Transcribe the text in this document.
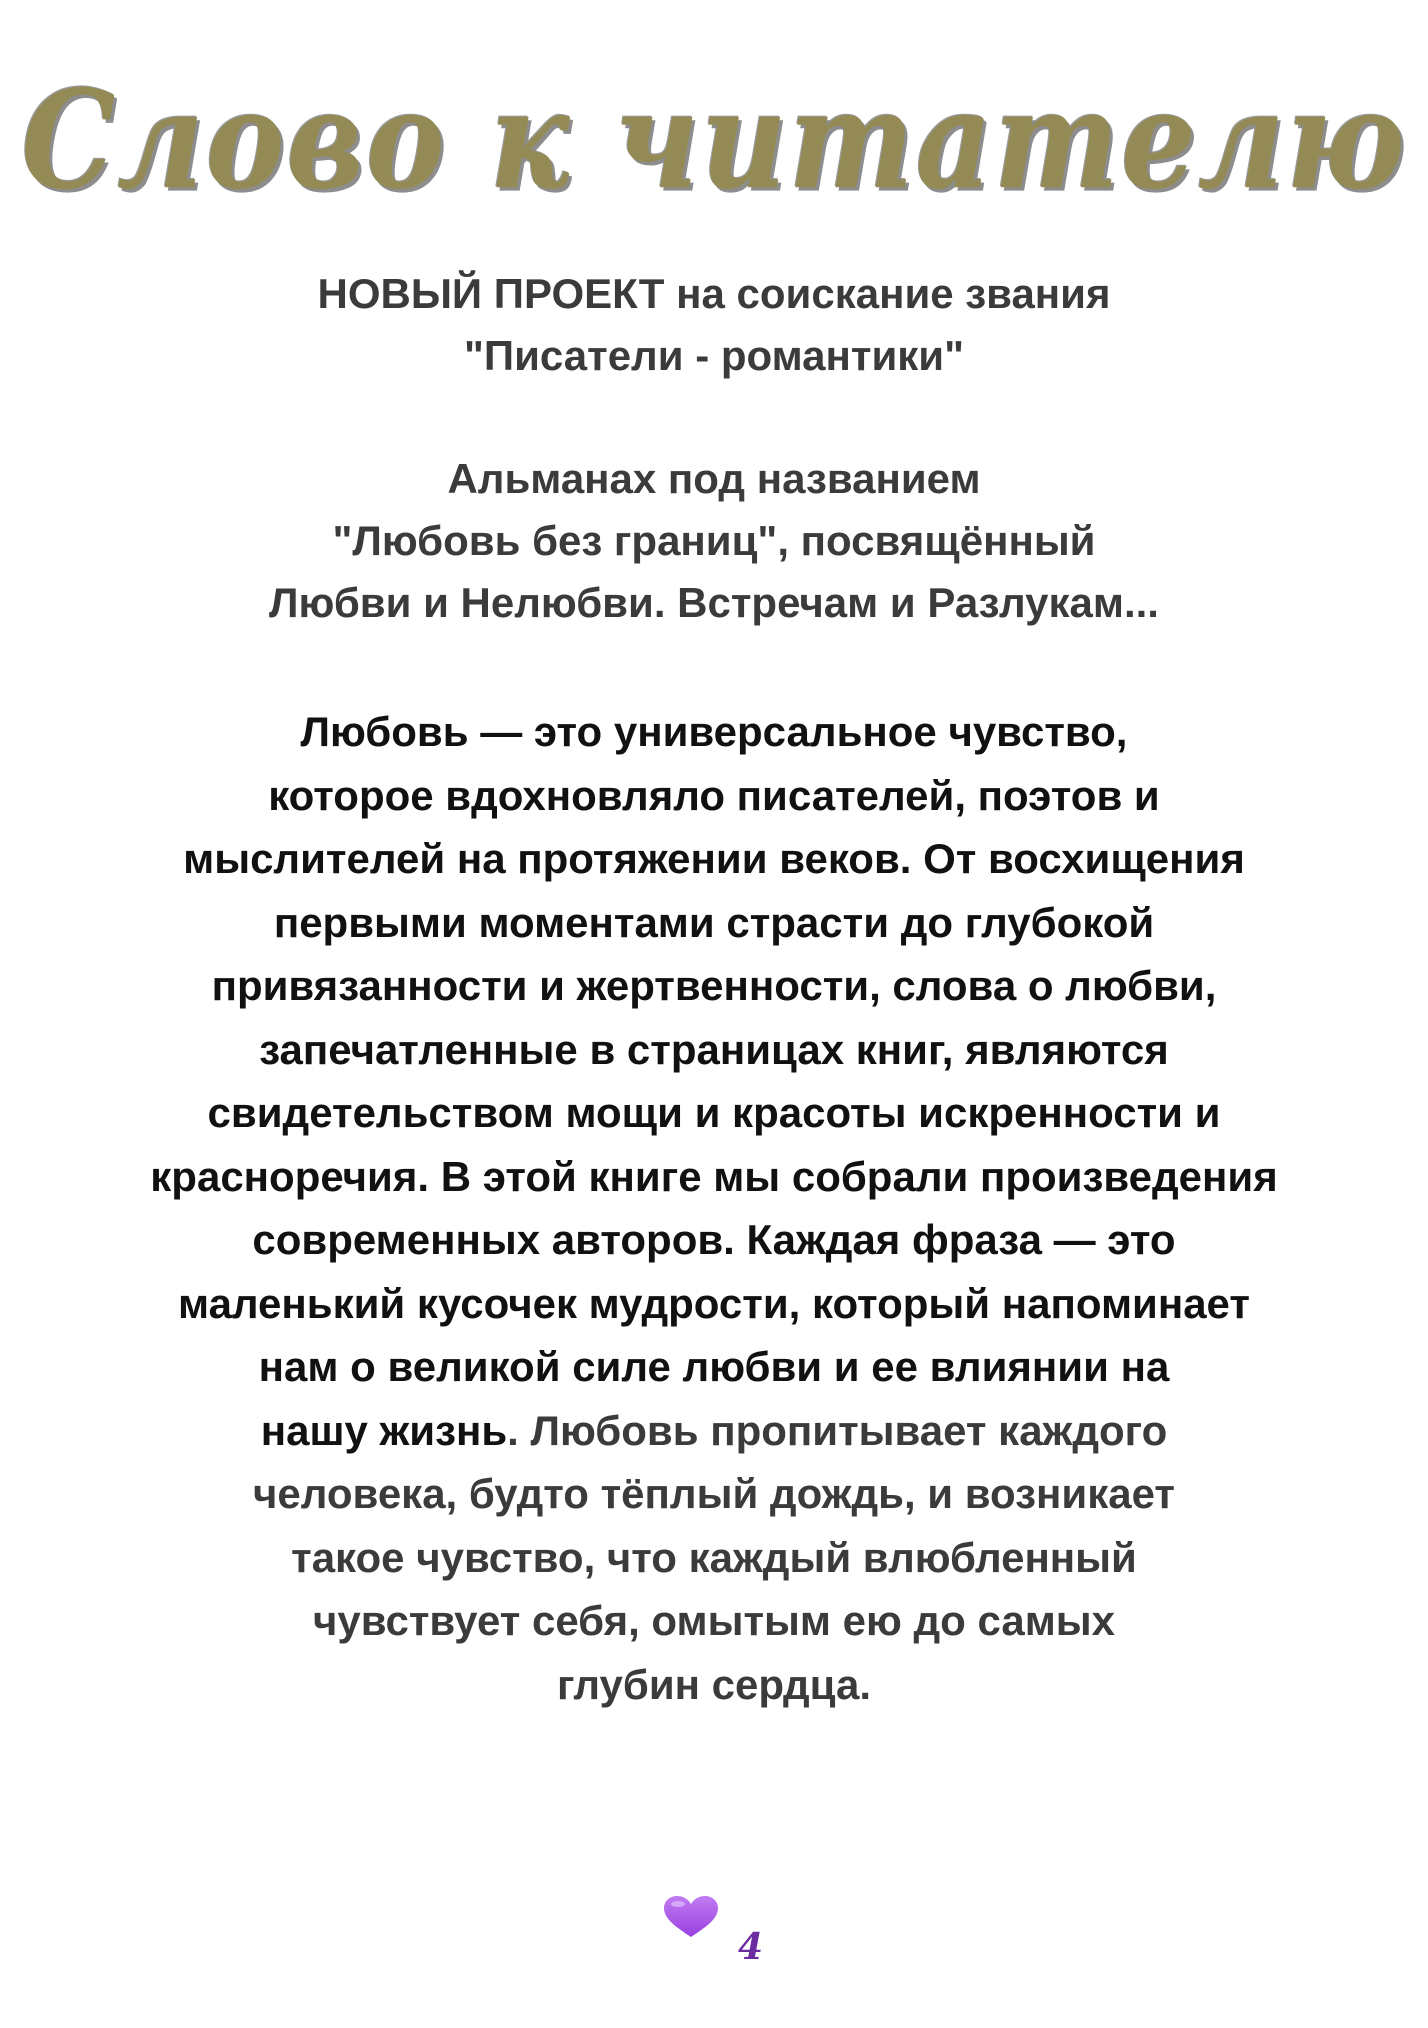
Слово к читателю
НОВЫЙ ПРОЕКТ на соискание звания
"Писатели - романтики"
Альманах под названием
"Любовь без границ", посвящённый
Любви и Нелюбви. Встречам и Разлукам...
Любовь — это универсальное чувство,
которое вдохновляло писателей, поэтов и
мыслителей на протяжении веков. От восхищения
первыми моментами страсти до глубокой
привязанности и жертвенности, слова о любви,
запечатленные в страницах книг, являются
свидетельством мощи и красоты искренности и
красноречия. В этой книге мы собрали произведения
современных авторов. Каждая фраза — это
маленький кусочек мудрости, который напоминает
нам о великой силе любви и ее влиянии на
нашу жизнь. Любовь пропитывает каждого
человека, будто тёплый дождь, и возникает
такое чувство, что каждый влюбленный
чувствует себя, омытым ею до самых
глубин сердца.
4
